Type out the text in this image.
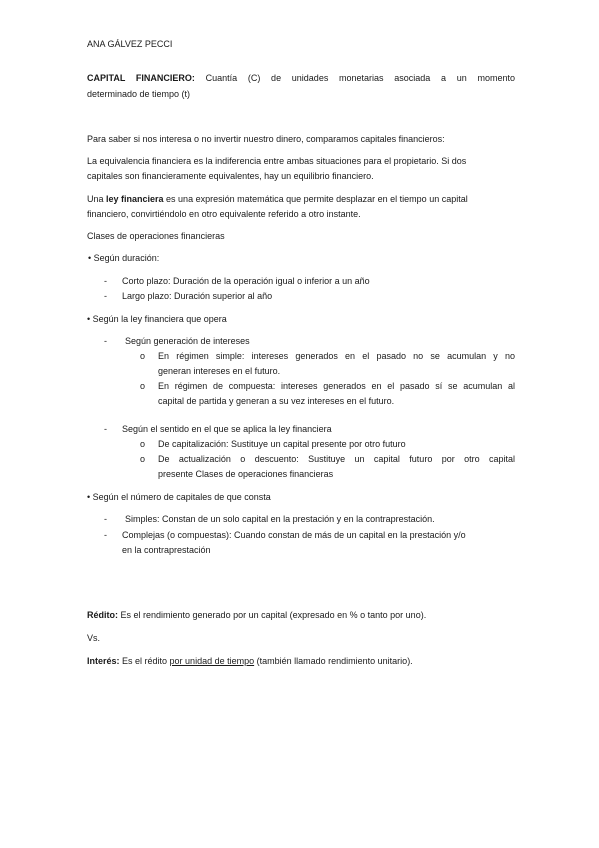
ANA GÁLVEZ PECCI
CAPITAL FINANCIERO: Cuantía (C) de unidades monetarias asociada a un momento
determinado de tiempo (t)
Para saber si nos interesa o no invertir nuestro dinero, comparamos capitales financieros:
La equivalencia financiera es la indiferencia entre ambas situaciones para el propietario. Si dos
capitales son financieramente equivalentes, hay un equilibrio financiero.
Una ley financiera es una expresión matemática que permite desplazar en el tiempo un capital
financiero, convirtiéndolo en otro equivalente referido a otro instante.
Clases de operaciones financieras
• Según duración:
-	Corto plazo: Duración de la operación igual o inferior a un año
-	Largo plazo: Duración superior al año
• Según la ley financiera que opera
-	Según generación de intereses
o	En régimen simple: intereses generados en el pasado no se acumulan y no
generan intereses en el futuro.
o	En régimen de compuesta: intereses generados en el pasado sí se acumulan al
capital de partida y generan a su vez intereses en el futuro.
-	Según el sentido en el que se aplica la ley financiera
o	De capitalización: Sustituye un capital presente por otro futuro
o	De actualización o descuento: Sustituye un capital futuro por otro capital
presente Clases de operaciones financieras
• Según el número de capitales de que consta
-	Simples: Constan de un solo capital en la prestación y en la contraprestación.
-	Complejas (o compuestas): Cuando constan de más de un capital en la prestación y/o
en la contraprestación
Rédito: Es el rendimiento generado por un capital (expresado en % o tanto por uno).
Vs.
Interés: Es el rédito por unidad de tiempo (también llamado rendimiento unitario).
